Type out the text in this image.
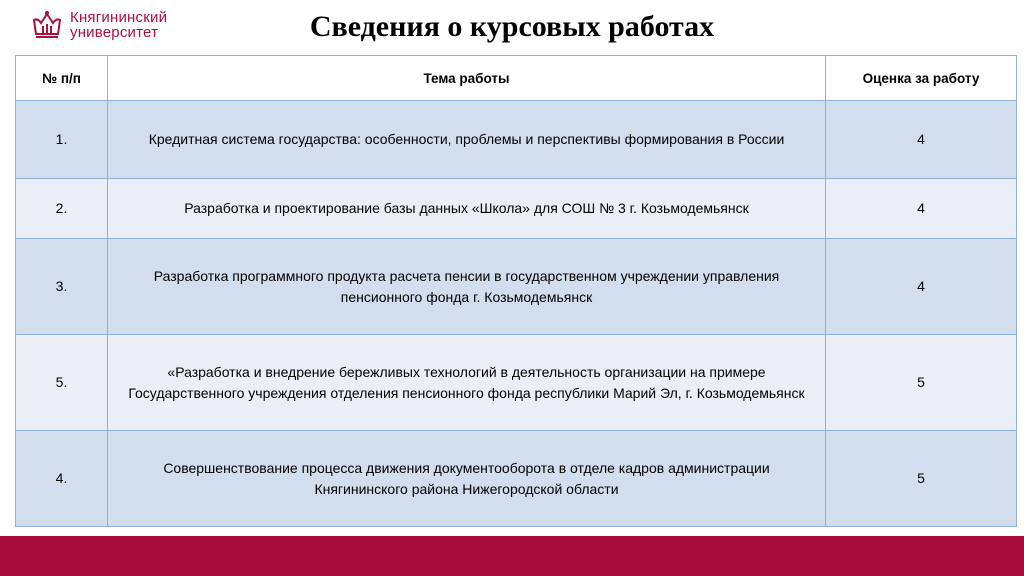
Княгининский
университет	Сведения о курсовых работах
№ п/п	Тема работы	Оценка за работу
1.	Кредитная система государства: особенности, проблемы и перспективы формирования в России	4
2.	Разработка и проектирование базы данных «Школа» для СОШ № 3 г. Козьмодемьянск	4
3.	Разработка программного продукта расчета пенсии в государственном учреждении управления пенсионного фонда г. Козьмодемьянск	4
5.	«Разработка и внедрение бережливых технологий в деятельность организации на примере Государственного учреждения отделения пенсионного фонда республики Марий Эл, г. Козьмодемьянск	5
4.	Совершенствование процесса движения документооборота в отделе кадров администрации Княгининского района Нижегородской области	5
